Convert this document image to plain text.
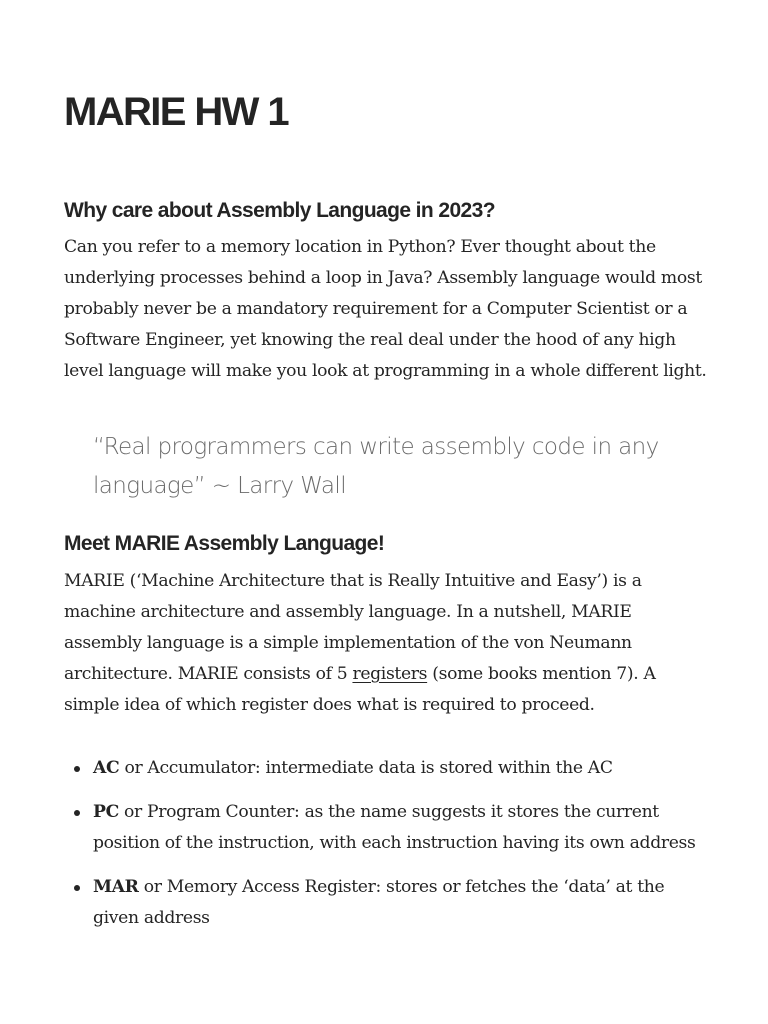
MARIE HW 1
Why care about Assembly Language in 2023?

Can you refer to a memory location in Python? Ever thought about the underlying processes behind a loop in Java? Assembly language would most probably never be a mandatory requirement for a Computer Scientist or a Software Engineer, yet knowing the real deal under the hood of any high level language will make you look at programming in a whole different light.

“Real programmers can write assembly code in any language” ~ Larry Wall
Meet MARIE Assembly Language!

MARIE (‘Machine Architecture that is Really Intuitive and Easy’) is a machine architecture and assembly language. In a nutshell, MARIE assembly language is a simple implementation of the von Neumann architecture. MARIE consists of 5 registers (some books mention 7). A simple idea of which register does what is required to proceed.

AC or Accumulator: intermediate data is stored within the AC
PC or Program Counter: as the name suggests it stores the current position of the instruction, with each instruction having its own address
MAR or Memory Access Register: stores or fetches the ‘data’ at the given address
